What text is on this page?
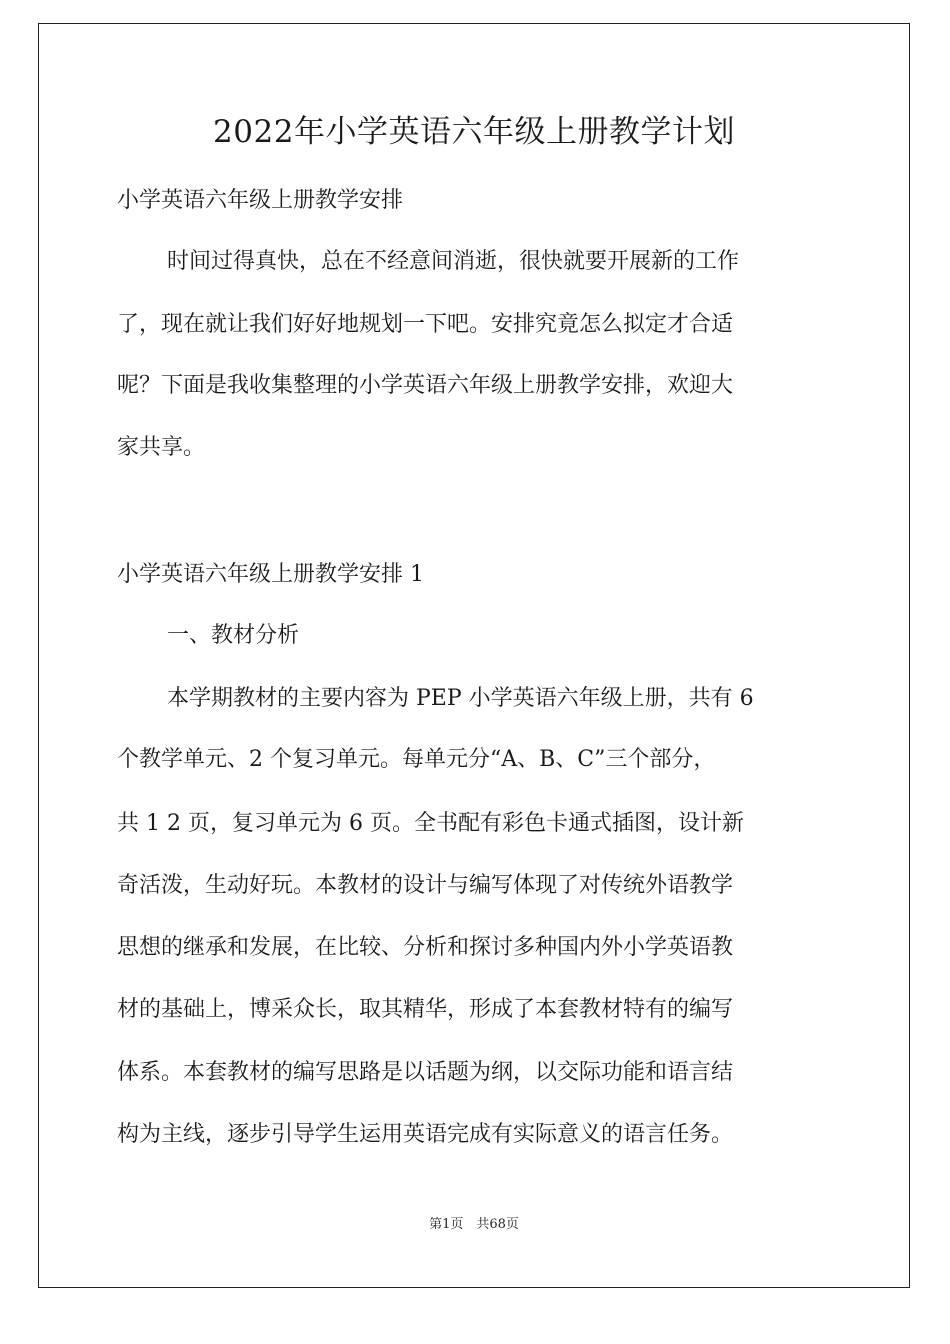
2022年小学英语六年级上册教学计划
小学英语六年级上册教学安排
时间过得真快，总在不经意间消逝，很快就要开展新的工作
了，现在就让我们好好地规划一下吧。安排究竟怎么拟定才合适
呢？下面是我收集整理的小学英语六年级上册教学安排，欢迎大
家共享。
小学英语六年级上册教学安排 1
一、教材分析
本学期教材的主要内容为 PEP 小学英语六年级上册，共有 6
个教学单元、2 个复习单元。每单元分“A、B、C”三个部分，
共 1 2 页，复习单元为 6 页。全书配有彩色卡通式插图，设计新
奇活泼，生动好玩。本教材的设计与编写体现了对传统外语教学
思想的继承和发展，在比较、分析和探讨多种国内外小学英语教
材的基础上，博采众长，取其精华，形成了本套教材特有的编写
体系。本套教材的编写思路是以话题为纲，以交际功能和语言结
构为主线，逐步引导学生运用英语完成有实际意义的语言任务。
第1页　共68页
